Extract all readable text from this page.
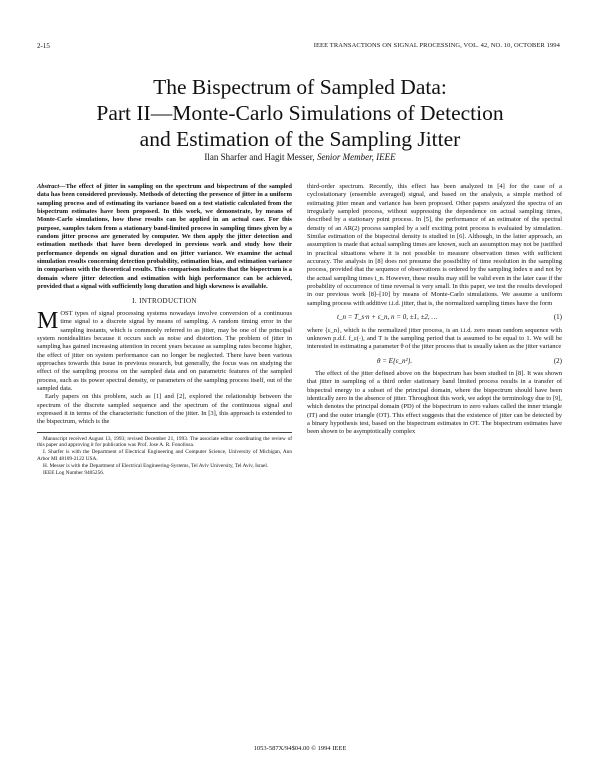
2-15	IEEE TRANSACTIONS ON SIGNAL PROCESSING, VOL. 42, NO. 10, OCTOBER 1994
The Bispectrum of Sampled Data:
Part II—Monte-Carlo Simulations of Detection
and Estimation of the Sampling Jitter
Ilan Sharfer and Hagit Messer, Senior Member, IEEE

Abstract—The effect of jitter in sampling on the spectrum and bispectrum of the sampled data has been considered previously. Methods of detecting the presence of jitter in a uniform sampling process and of estimating its variance based on a test statistic calculated from the bispectrum estimates have been proposed. In this work, we demonstrate, by means of Monte-Carlo simulations, how these results can be applied in an actual case. For this purpose, samples taken from a stationary band-limited process in sampling times given by a random jitter process are generated by computer. We then apply the jitter detection and estimation methods that have been developed in previous work and study how their performance depends on signal duration and on jitter variance. We examine the actual simulation results concerning detection probability, estimation bias, and estimation variance in comparison with the theoretical results. This comparison indicates that the bispectrum is a domain where jitter detection and estimation with high performance can be achieved, provided that a signal with sufficiently long duration and high skewness is available.

I. INTRODUCTION

MOST types of signal processing systems nowadays involve conversion of a continuous time signal to a discrete signal by means of sampling. A random timing error in the sampling instants, which is commonly referred to as jitter, may be one of the principal system nonidealities because it occurs such as noise and distortion. The problem of jitter in sampling has gained increasing attention in recent years because as sampling rates become higher, the effect of jitter on system performance can no longer be neglected. There have been various approaches towards this issue in previous research, but generally, the focus was on studying the effect of the sampling process on the sampled data and on parametric features of the sampled process, such as its power spectral density, or parameters of the sampling process itself, out of the sampled data.

Early papers on this problem, such as [1] and [2], explored the relationship between the spectrum of the discrete sampled sequence and the spectrum of the continuous signal and expressed it in terms of the characteristic function of the jitter. In [3], this approach is extended to the bispectrum, which is the

Manuscript received August 13, 1993; revised December 21, 1993. The associate editor coordinating the review of this paper and approving it for publication was Prof. Jose A. R. Fonollosa.
I. Sharfer is with the Department of Electrical Engineering and Computer Science, University of Michigan, Ann Arbor MI 48109-2122 USA.
H. Messer is with the Department of Electrical Engineering-Systems, Tel Aviv University, Tel Aviv, Israel.
IEEE Log Number 9405256.

third-order spectrum. Recently, this effect has been analyzed in [4] for the case of a cyclostationary (ensemble averaged) signal, and based on the analysis, a simple method of estimating jitter mean and variance has been proposed. Other papers analyzed the spectra of an irregularly sampled process, without suppressing the dependence on actual sampling times, described by a stationary point process. In [5], the performance of an estimator of the spectral density of an AR(2) process sampled by a self exciting point process is evaluated by simulation. Similar estimation of the bispectral density is studied in [6]. Although, in the latter approach, an assumption is made that actual sampling times are known, such an assumption may not be justified in practical situations where it is not possible to measure observation times with sufficient accuracy. The analysis in [8] does not presume the possibility of time resolution in the sampling process, provided that the sequence of observations is ordered by the sampling index n and not by the actual sampling times t_n. However, these results may still be valid even in the later case if the probability of occurrence of time reversal is very small. In this paper, we test the results developed in our previous work [8]–[10] by means of Monte-Carlo simulations. We assume a uniform sampling process with additive i.i.d. jitter, that is, the normalized sampling times have the form

t_n = T_s·n + ε_n, n = 0, ±1, ±2, …	(1)

where {ε_n}, which is the normalized jitter process, is an i.i.d. zero mean random sequence with unknown p.d.f. f_ε(·), and T is the sampling period that is assumed to be equal to 1. We will be interested in estimating a parameter θ of the jitter process that is usually taken as the jitter variance

θ = E{ε_n²}.	(2)

The effect of the jitter defined above on the bispectrum has been studied in [8]. It was shown that jitter in sampling of a third order stationary band limited process results in a transfer of bispectral energy to a subset of the principal domain, where the bispectrum should have been identically zero in the absence of jitter. Throughout this work, we adopt the terminology due to [9], which denotes the principal domain (PD) of the bispectrum to zero values called the inner triangle (IT) and the outer triangle (OT). This effect suggests that the existence of jitter can be detected by a binary hypothesis test, based on the bispectrum estimates in OT. The bispectrum estimates have been shown to be asymptotically complex

1053-587X/94$04.00 © 1994 IEEE
